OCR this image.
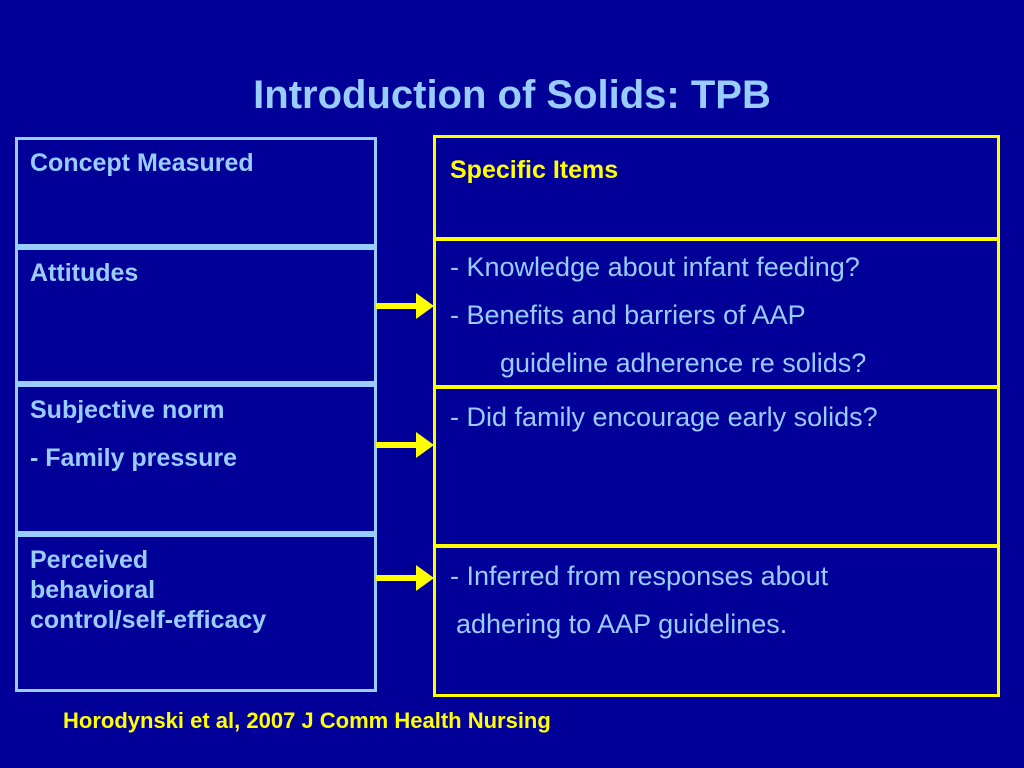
Introduction of Solids: TPB
Concept Measured
Attitudes
Subjective norm
- Family pressure
Perceived
behavioral
control/self-efficacy
Specific Items
- Knowledge about infant feeding?
- Benefits and barriers of AAP
guideline adherence re solids?
- Did family encourage early solids?
- Inferred from responses about
adhering to AAP guidelines.
Horodynski et al, 2007 J Comm Health Nursing
